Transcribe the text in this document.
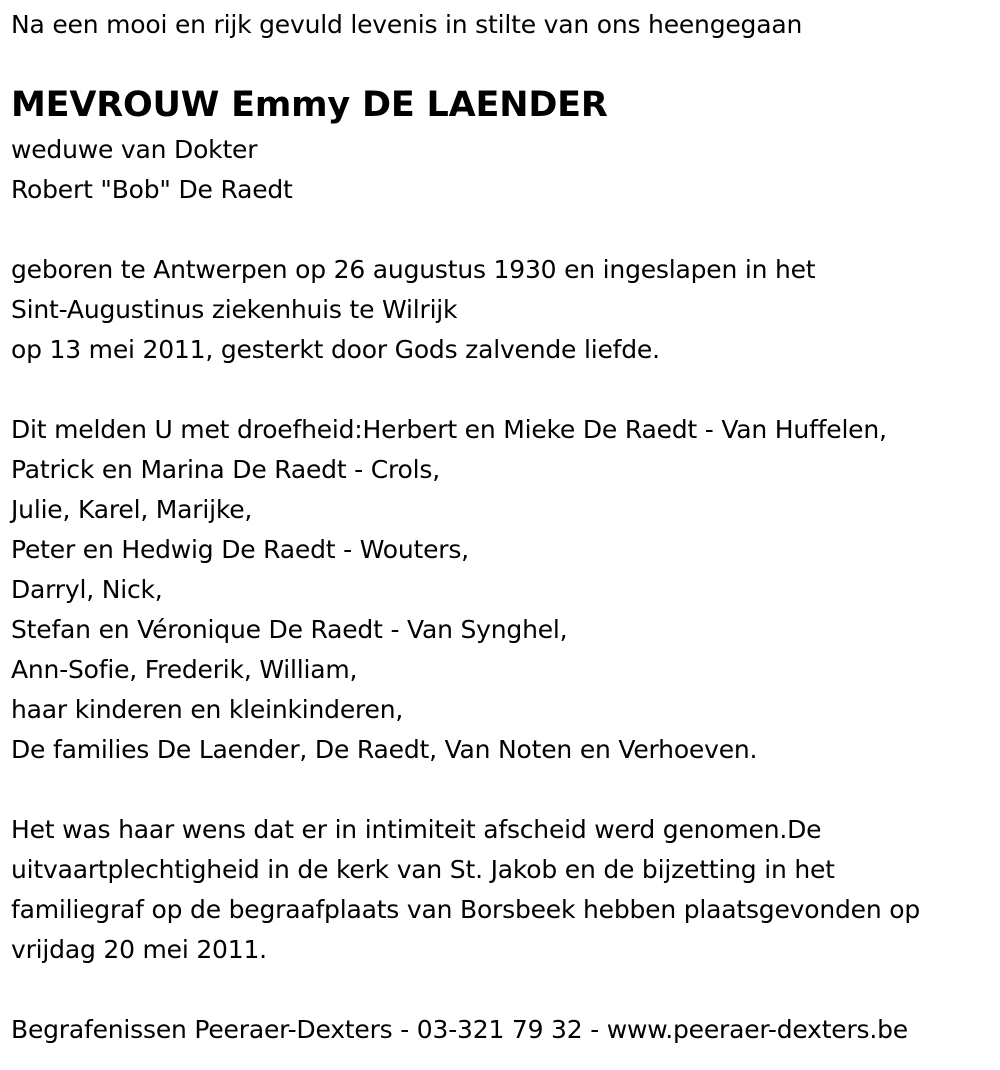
Na een mooi en rijk gevuld levenis in stilte van ons heengegaan
MEVROUW Emmy DE LAENDER
weduwe van Dokter
Robert "Bob" De Raedt
geboren te Antwerpen op 26 augustus 1930 en ingeslapen in het
Sint-Augustinus ziekenhuis te Wilrijk
op 13 mei 2011, gesterkt door Gods zalvende liefde.
Dit melden U met droefheid:Herbert en Mieke De Raedt - Van Huffelen,
Patrick en Marina De Raedt - Crols,
Julie, Karel, Marijke,
Peter en Hedwig De Raedt - Wouters,
Darryl, Nick,
Stefan en Véronique De Raedt - Van Synghel,
Ann-Sofie, Frederik, William,
haar kinderen en kleinkinderen,
De families De Laender, De Raedt, Van Noten en Verhoeven.
Het was haar wens dat er in intimiteit afscheid werd genomen.De
uitvaartplechtigheid in de kerk van St. Jakob en de bijzetting in het
familiegraf op de begraafplaats van Borsbeek hebben plaatsgevonden op
vrijdag 20 mei 2011.
Begrafenissen Peeraer-Dexters - 03-321 79 32 - www.peeraer-dexters.be
